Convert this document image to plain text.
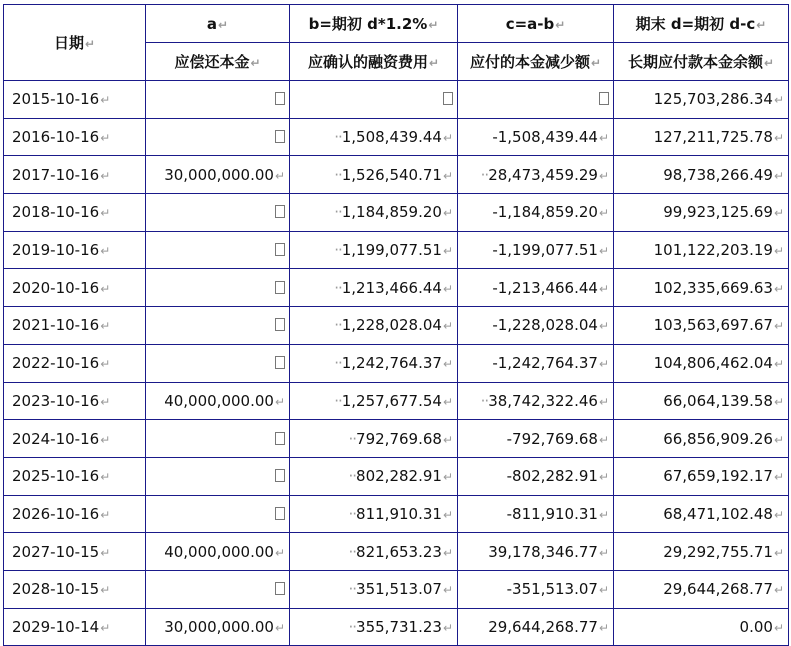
日期↵	a↵	b=期初 d*1.2%↵	c=a-b↵	期末 d=期初 d-c↵
	应偿还本金↵	应确认的融资费用↵	应付的本金减少额↵	长期应付款本金余额↵
2015-10-16↵				125,703,286.34↵
2016-10-16↵		··1,508,439.44↵	-1,508,439.44↵	127,211,725.78↵
2017-10-16↵	30,000,000.00↵	··1,526,540.71↵	··28,473,459.29↵	98,738,266.49↵
2018-10-16↵		··1,184,859.20↵	-1,184,859.20↵	99,923,125.69↵
2019-10-16↵		··1,199,077.51↵	-1,199,077.51↵	101,122,203.19↵
2020-10-16↵		··1,213,466.44↵	-1,213,466.44↵	102,335,669.63↵
2021-10-16↵		··1,228,028.04↵	-1,228,028.04↵	103,563,697.67↵
2022-10-16↵		··1,242,764.37↵	-1,242,764.37↵	104,806,462.04↵
2023-10-16↵	40,000,000.00↵	··1,257,677.54↵	··38,742,322.46↵	66,064,139.58↵
2024-10-16↵		··792,769.68↵	-792,769.68↵	66,856,909.26↵
2025-10-16↵		··802,282.91↵	-802,282.91↵	67,659,192.17↵
2026-10-16↵		··811,910.31↵	-811,910.31↵	68,471,102.48↵
2027-10-15↵	40,000,000.00↵	··821,653.23↵	39,178,346.77↵	29,292,755.71↵
2028-10-15↵		··351,513.07↵	-351,513.07↵	29,644,268.77↵
2029-10-14↵	30,000,000.00↵	··355,731.23↵	29,644,268.77↵	0.00↵
